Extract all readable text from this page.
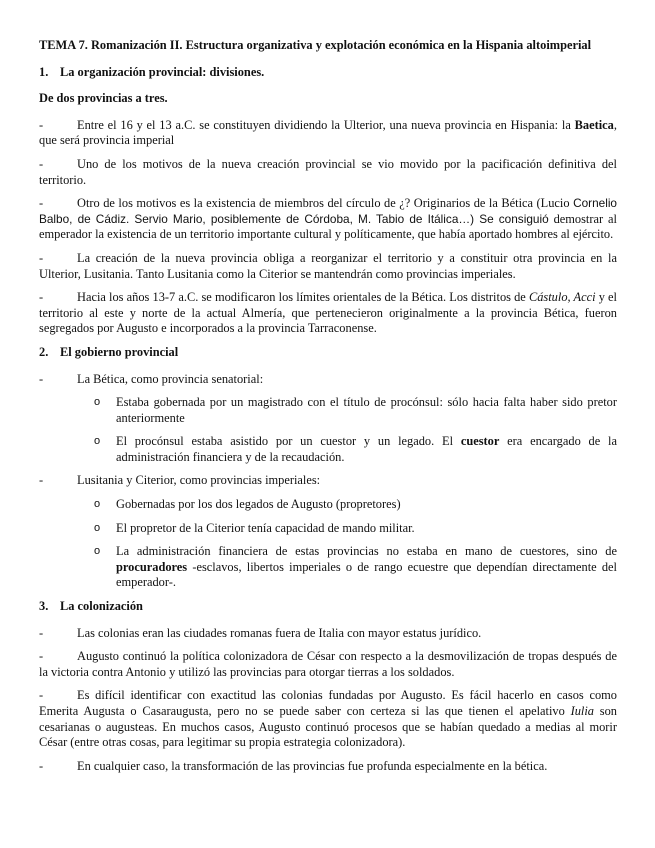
TEMA 7. Romanización II. Estructura organizativa y explotación económica en la Hispania altoimperial
1. La organización provincial: divisiones.
De dos provincias a tres.
-	Entre el 16 y el 13 a.C. se constituyen dividiendo la Ulterior, una nueva provincia en Hispania: la Baetica, que será provincia imperial
-	Uno de los motivos de la nueva creación provincial se vio movido por la pacificación definitiva del territorio.
-	Otro de los motivos es la existencia de miembros del círculo de ¿? Originarios de la Bética (Lucio Cornelio Balbo, de Cádiz. Servio Mario, posiblemente de Córdoba, M. Tabio de Itálica…) Se consiguió demostrar al emperador la existencia de un territorio importante cultural y políticamente, que había aportado hombres al ejército.
-	La creación de la nueva provincia obliga a reorganizar el territorio y a constituir otra provincia en la Ulterior, Lusitania. Tanto Lusitania como la Citerior se mantendrán como provincias imperiales.
-	Hacia los años 13-7 a.C. se modificaron los límites orientales de la Bética. Los distritos de Cástulo, Acci y el territorio al este y norte de la actual Almería, que pertenecieron originalmente a la provincia Bética, fueron segregados por Augusto e incorporados a la provincia Tarraconense.
2. El gobierno provincial
-	La Bética, como provincia senatorial:
o	Estaba gobernada por un magistrado con el título de procónsul: sólo hacia falta haber sido pretor anteriormente
o	El procónsul estaba asistido por un cuestor y un legado. El cuestor era encargado de la administración financiera y de la recaudación.
-	Lusitania y Citerior, como provincias imperiales:
o	Gobernadas por los dos legados de Augusto (propretores)
o	El propretor de la Citerior tenía capacidad de mando militar.
o	La administración financiera de estas provincias no estaba en mano de cuestores, sino de procuradores -esclavos, libertos imperiales o de rango ecuestre que dependían directamente del emperador-.
3. La colonización
-	Las colonias eran las ciudades romanas fuera de Italia con mayor estatus jurídico.
-	Augusto continuó la política colonizadora de César con respecto a la desmovilización de tropas después de la victoria contra Antonio y utilizó las provincias para otorgar tierras a los soldados.
-	Es difícil identificar con exactitud las colonias fundadas por Augusto. Es fácil hacerlo en casos como Emerita Augusta o Casaraugusta, pero no se puede saber con certeza si las que tienen el apelativo Iulia son cesarianas o augusteas. En muchos casos, Augusto continuó procesos que se habían quedado a medias al morir César (entre otras cosas, para legitimar su propia estrategia colonizadora).
-	En cualquier caso, la transformación de las provincias fue profunda especialmente en la bética.
